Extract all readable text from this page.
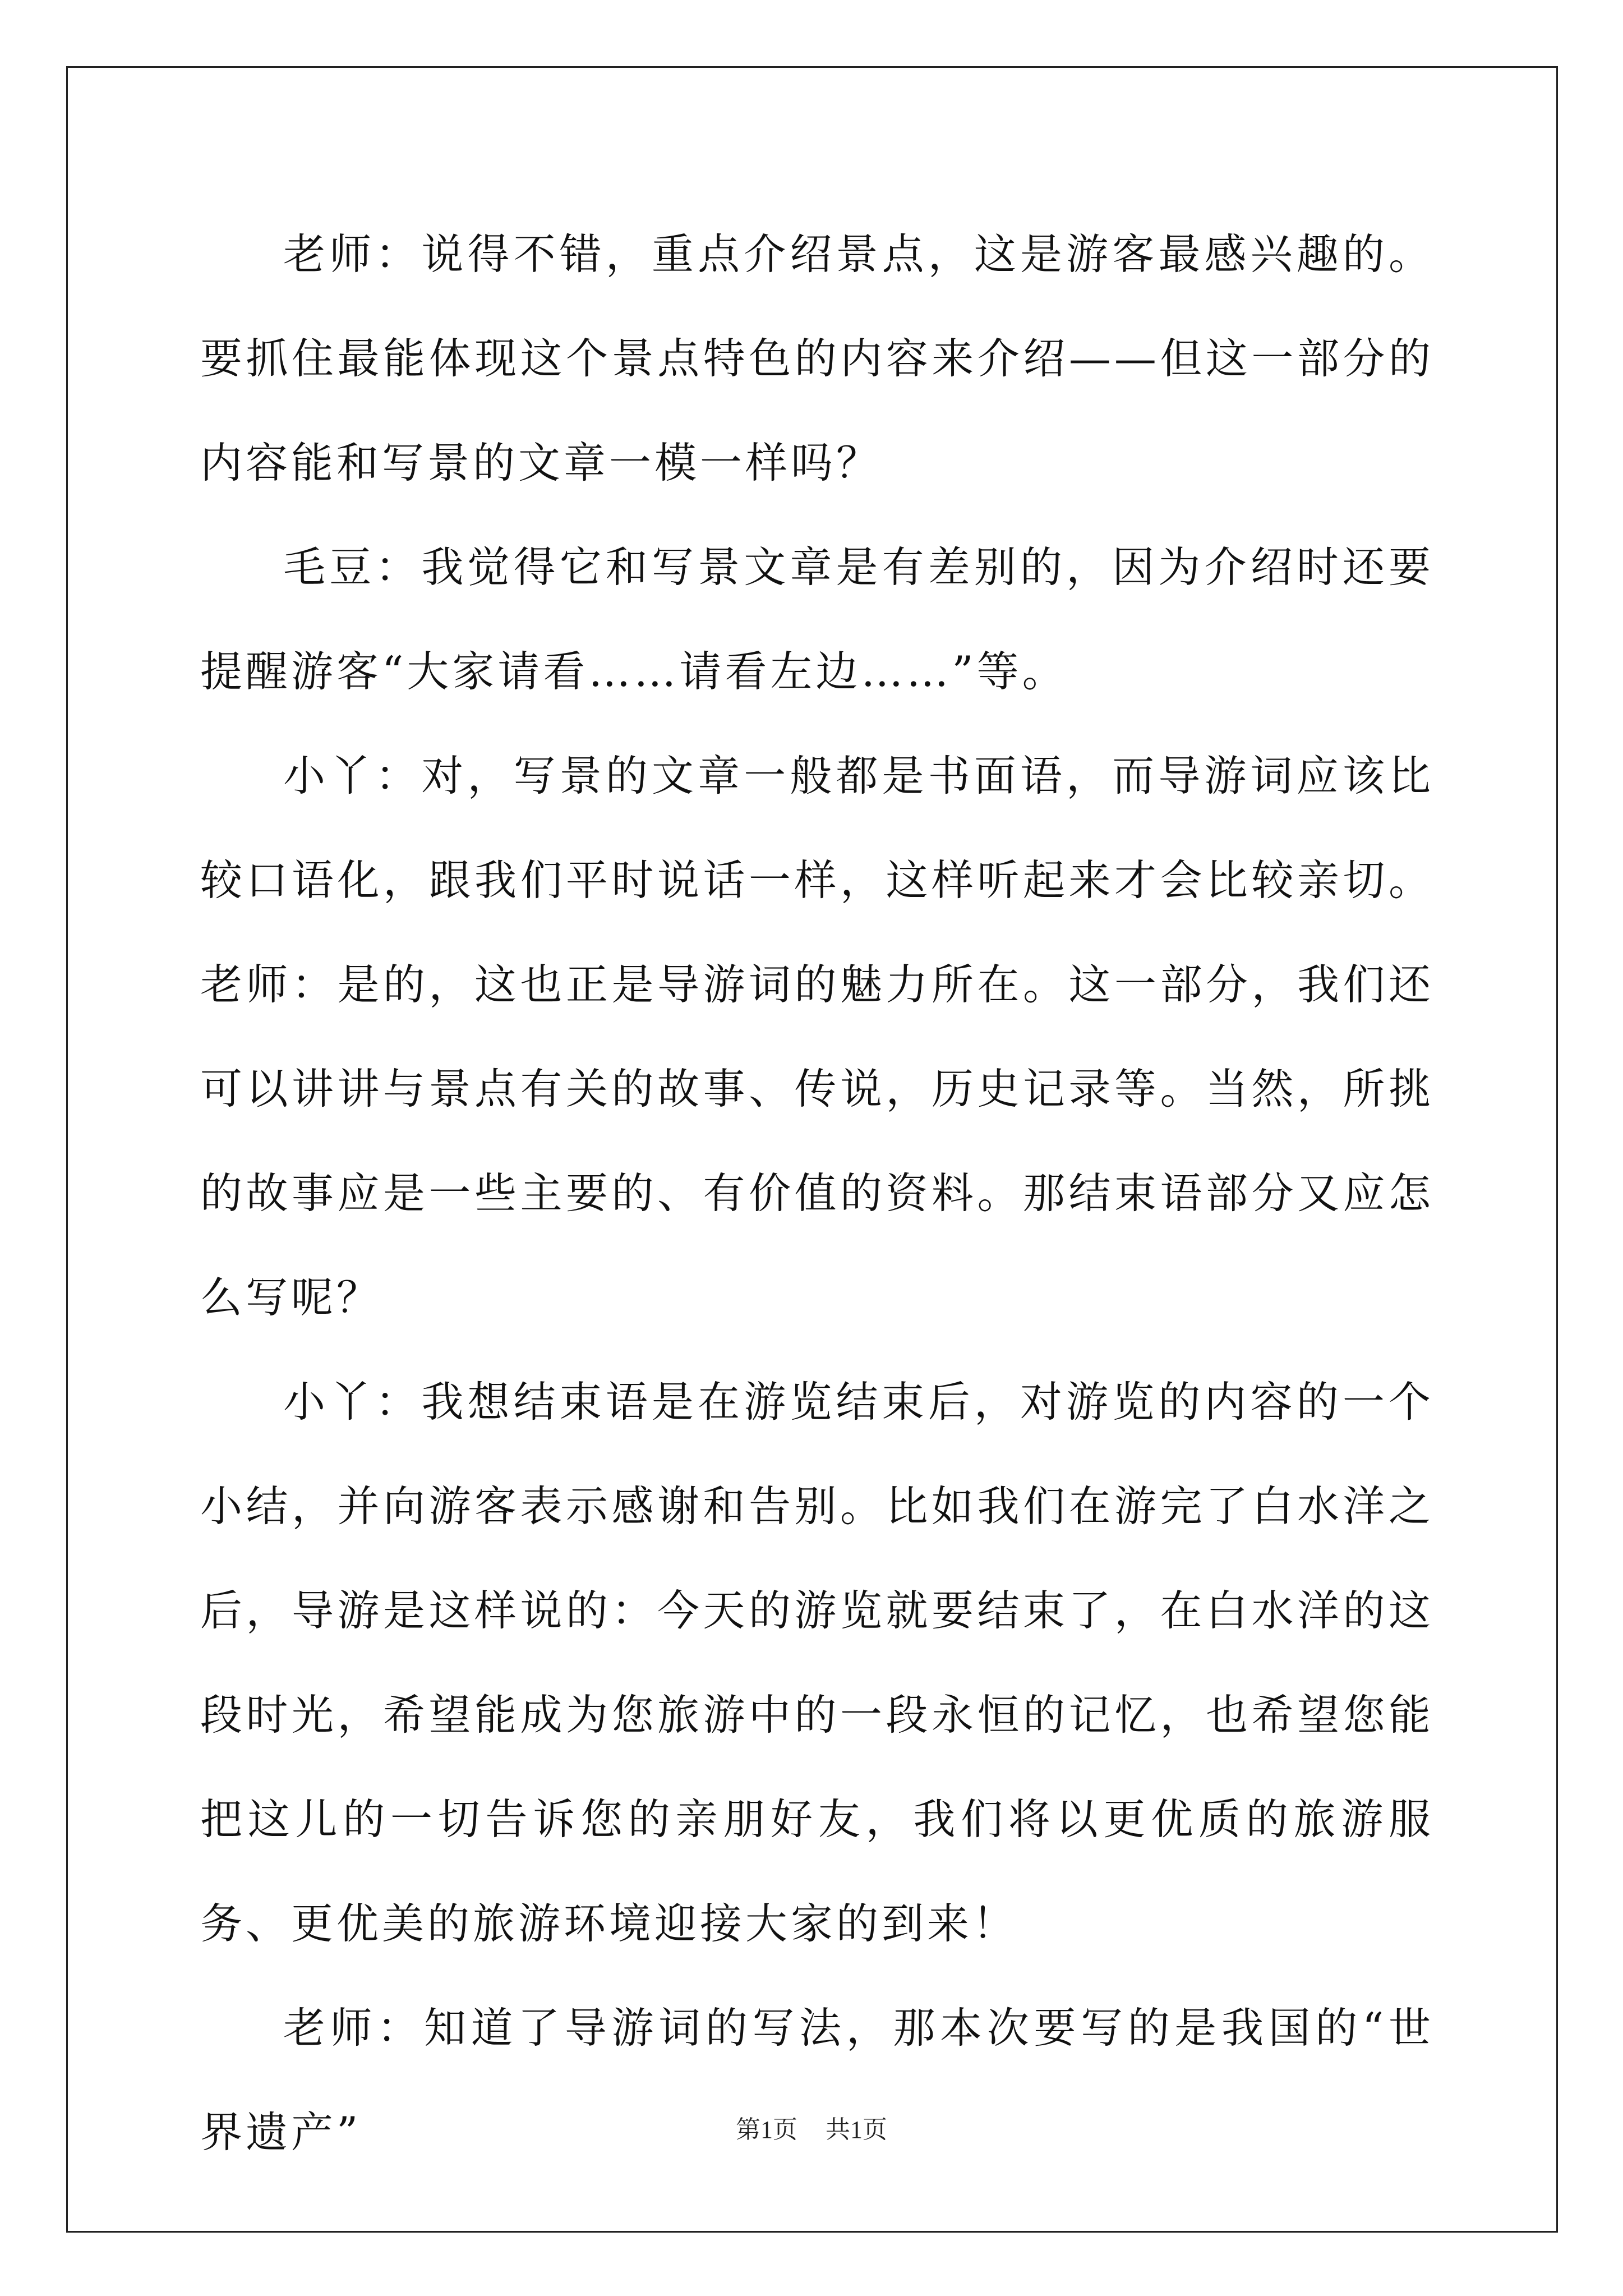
老师：说得不错，重点介绍景点，这是游客最感兴趣的。要抓住最能体现这个景点特色的内容来介绍——但这一部分的内容能和写景的文章一模一样吗？

毛豆：我觉得它和写景文章是有差别的，因为介绍时还要提醒游客“大家请看……请看左边……”等。

小丫：对，写景的文章一般都是书面语，而导游词应该比较口语化，跟我们平时说话一样，这样听起来才会比较亲切。老师：是的，这也正是导游词的魅力所在。这一部分，我们还可以讲讲与景点有关的故事、传说，历史记录等。当然，所挑的故事应是一些主要的、有价值的资料。那结束语部分又应怎么写呢？

小丫：我想结束语是在游览结束后，对游览的内容的一个小结，并向游客表示感谢和告别。比如我们在游完了白水洋之后，导游是这样说的：今天的游览就要结束了，在白水洋的这段时光，希望能成为您旅游中的一段永恒的记忆，也希望您能把这儿的一切告诉您的亲朋好友，我们将以更优质的旅游服务、更优美的旅游环境迎接大家的到来！

老师：知道了导游词的写法，那本次要写的是我国的“世界遗产”	第1页 共1页
